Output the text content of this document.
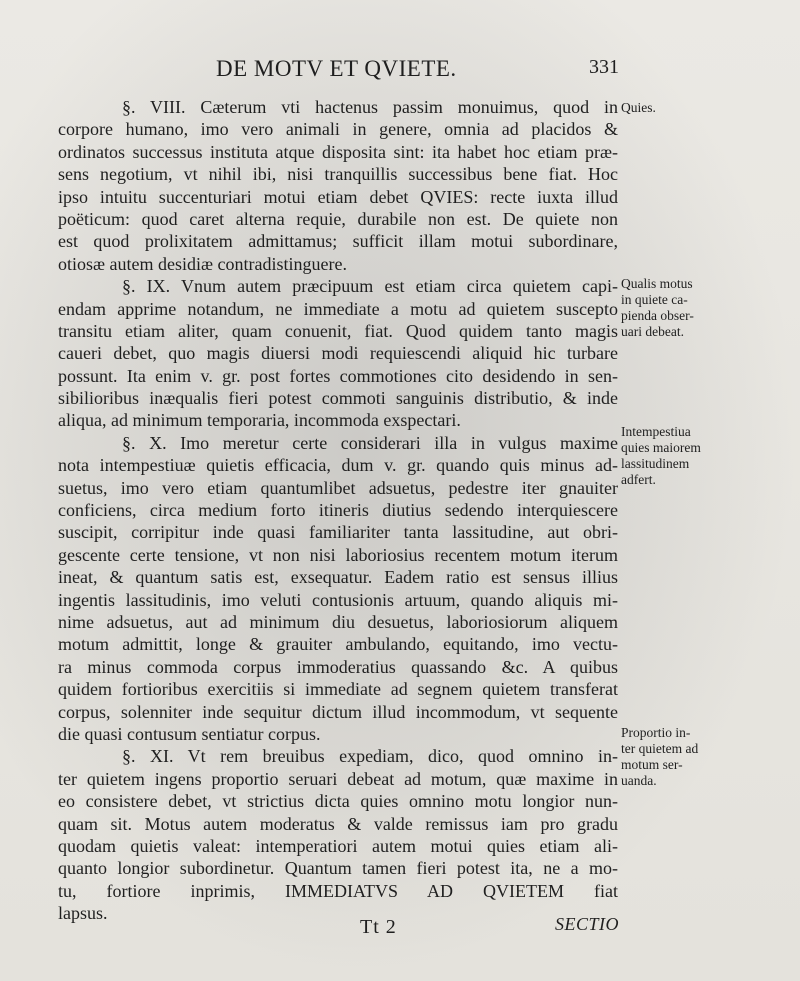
DE MOTV ET QVIETE.	331
§. VIII. Cæterum vti hactenus passim monuimus, quod in
corpore humano, imo vero animali in genere, omnia ad placidos &
ordinatos successus instituta atque disposita sint: ita habet hoc etiam præ-
sens negotium, vt nihil ibi, nisi tranquillis successibus bene fiat. Hoc
ipso intuitu succenturiari motui etiam debet QVIES: recte iuxta illud
poëticum: quod caret alterna requie, durabile non est. De quiete non
est quod prolixitatem admittamus; sufficit illam motui subordinare,
otiosæ autem desidiæ contradistinguere.
§. IX. Vnum autem præcipuum est etiam circa quietem capi-
endam apprime notandum, ne immediate a motu ad quietem suscepto
transitu etiam aliter, quam conuenit, fiat. Quod quidem tanto magis
caueri debet, quo magis diuersi modi requiescendi aliquid hic turbare
possunt. Ita enim v. gr. post fortes commotiones cito desidendo in sen-
sibilioribus inæqualis fieri potest commoti sanguinis distributio, & inde
aliqua, ad minimum temporaria, incommoda exspectari.
§. X. Imo meretur certe considerari illa in vulgus maxime
nota intempestiuæ quietis efficacia, dum v. gr. quando quis minus ad-
suetus, imo vero etiam quantumlibet adsuetus, pedestre iter gnauiter
conficiens, circa medium forto itineris diutius sedendo interquiescere
suscipit, corripitur inde quasi familiariter tanta lassitudine, aut obri-
gescente certe tensione, vt non nisi laboriosius recentem motum iterum
ineat, & quantum satis est, exsequatur. Eadem ratio est sensus illius
ingentis lassitudinis, imo veluti contusionis artuum, quando aliquis mi-
nime adsuetus, aut ad minimum diu desuetus, laboriosiorum aliquem
motum admittit, longe & grauiter ambulando, equitando, imo vectu-
ra minus commoda corpus immoderatius quassando &c. A quibus
quidem fortioribus exercitiis si immediate ad segnem quietem transferat
corpus, solenniter inde sequitur dictum illud incommodum, vt sequente
die quasi contusum sentiatur corpus.
§. XI. Vt rem breuibus expediam, dico, quod omnino in-
ter quietem ingens proportio seruari debeat ad motum, quæ maxime in
eo consistere debet, vt strictius dicta quies omnino motu longior nun-
quam sit. Motus autem moderatus & valde remissus iam pro gradu
quodam quietis valeat: intemperatiori autem motui quies etiam ali-
quanto longior subordinetur. Quantum tamen fieri potest ita, ne a mo-
tu, fortiore inprimis, IMMEDIATVS AD QVIETEM fiat
lapsus.
Quies.
Qualis motus
in quiete ca-
pienda obser-
uari debeat.
Intempestiua
quies maiorem
lassitudinem
adfert.
Proportio in-
ter quietem ad
motum ser-
uanda.
Tt 2	SECTIO
